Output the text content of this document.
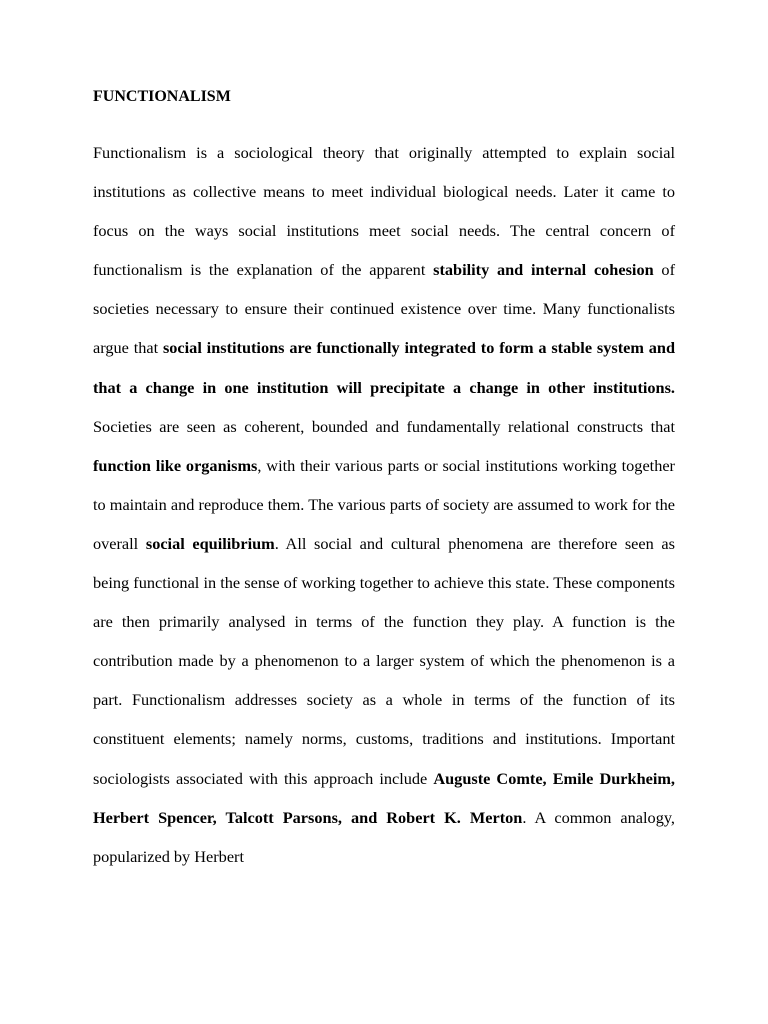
FUNCTIONALISM

Functionalism is a sociological theory that originally attempted to explain social institutions as collective means to meet individual biological needs. Later it came to focus on the ways social institutions meet social needs. The central concern of functionalism is the explanation of the apparent stability and internal cohesion of societies necessary to ensure their continued existence over time. Many functionalists argue that social institutions are functionally integrated to form a stable system and that a change in one institution will precipitate a change in other institutions. Societies are seen as coherent, bounded and fundamentally relational constructs that function like organisms, with their various parts or social institutions working together to maintain and reproduce them. The various parts of society are assumed to work for the overall social equilibrium. All social and cultural phenomena are therefore seen as being functional in the sense of working together to achieve this state. These components are then primarily analysed in terms of the function they play. A function is the contribution made by a phenomenon to a larger system of which the phenomenon is a part. Functionalism addresses society as a whole in terms of the function of its constituent elements; namely norms, customs, traditions and institutions. Important sociologists associated with this approach include Auguste Comte, Emile Durkheim, Herbert Spencer, Talcott Parsons, and Robert K. Merton. A common analogy, popularized by Herbert
